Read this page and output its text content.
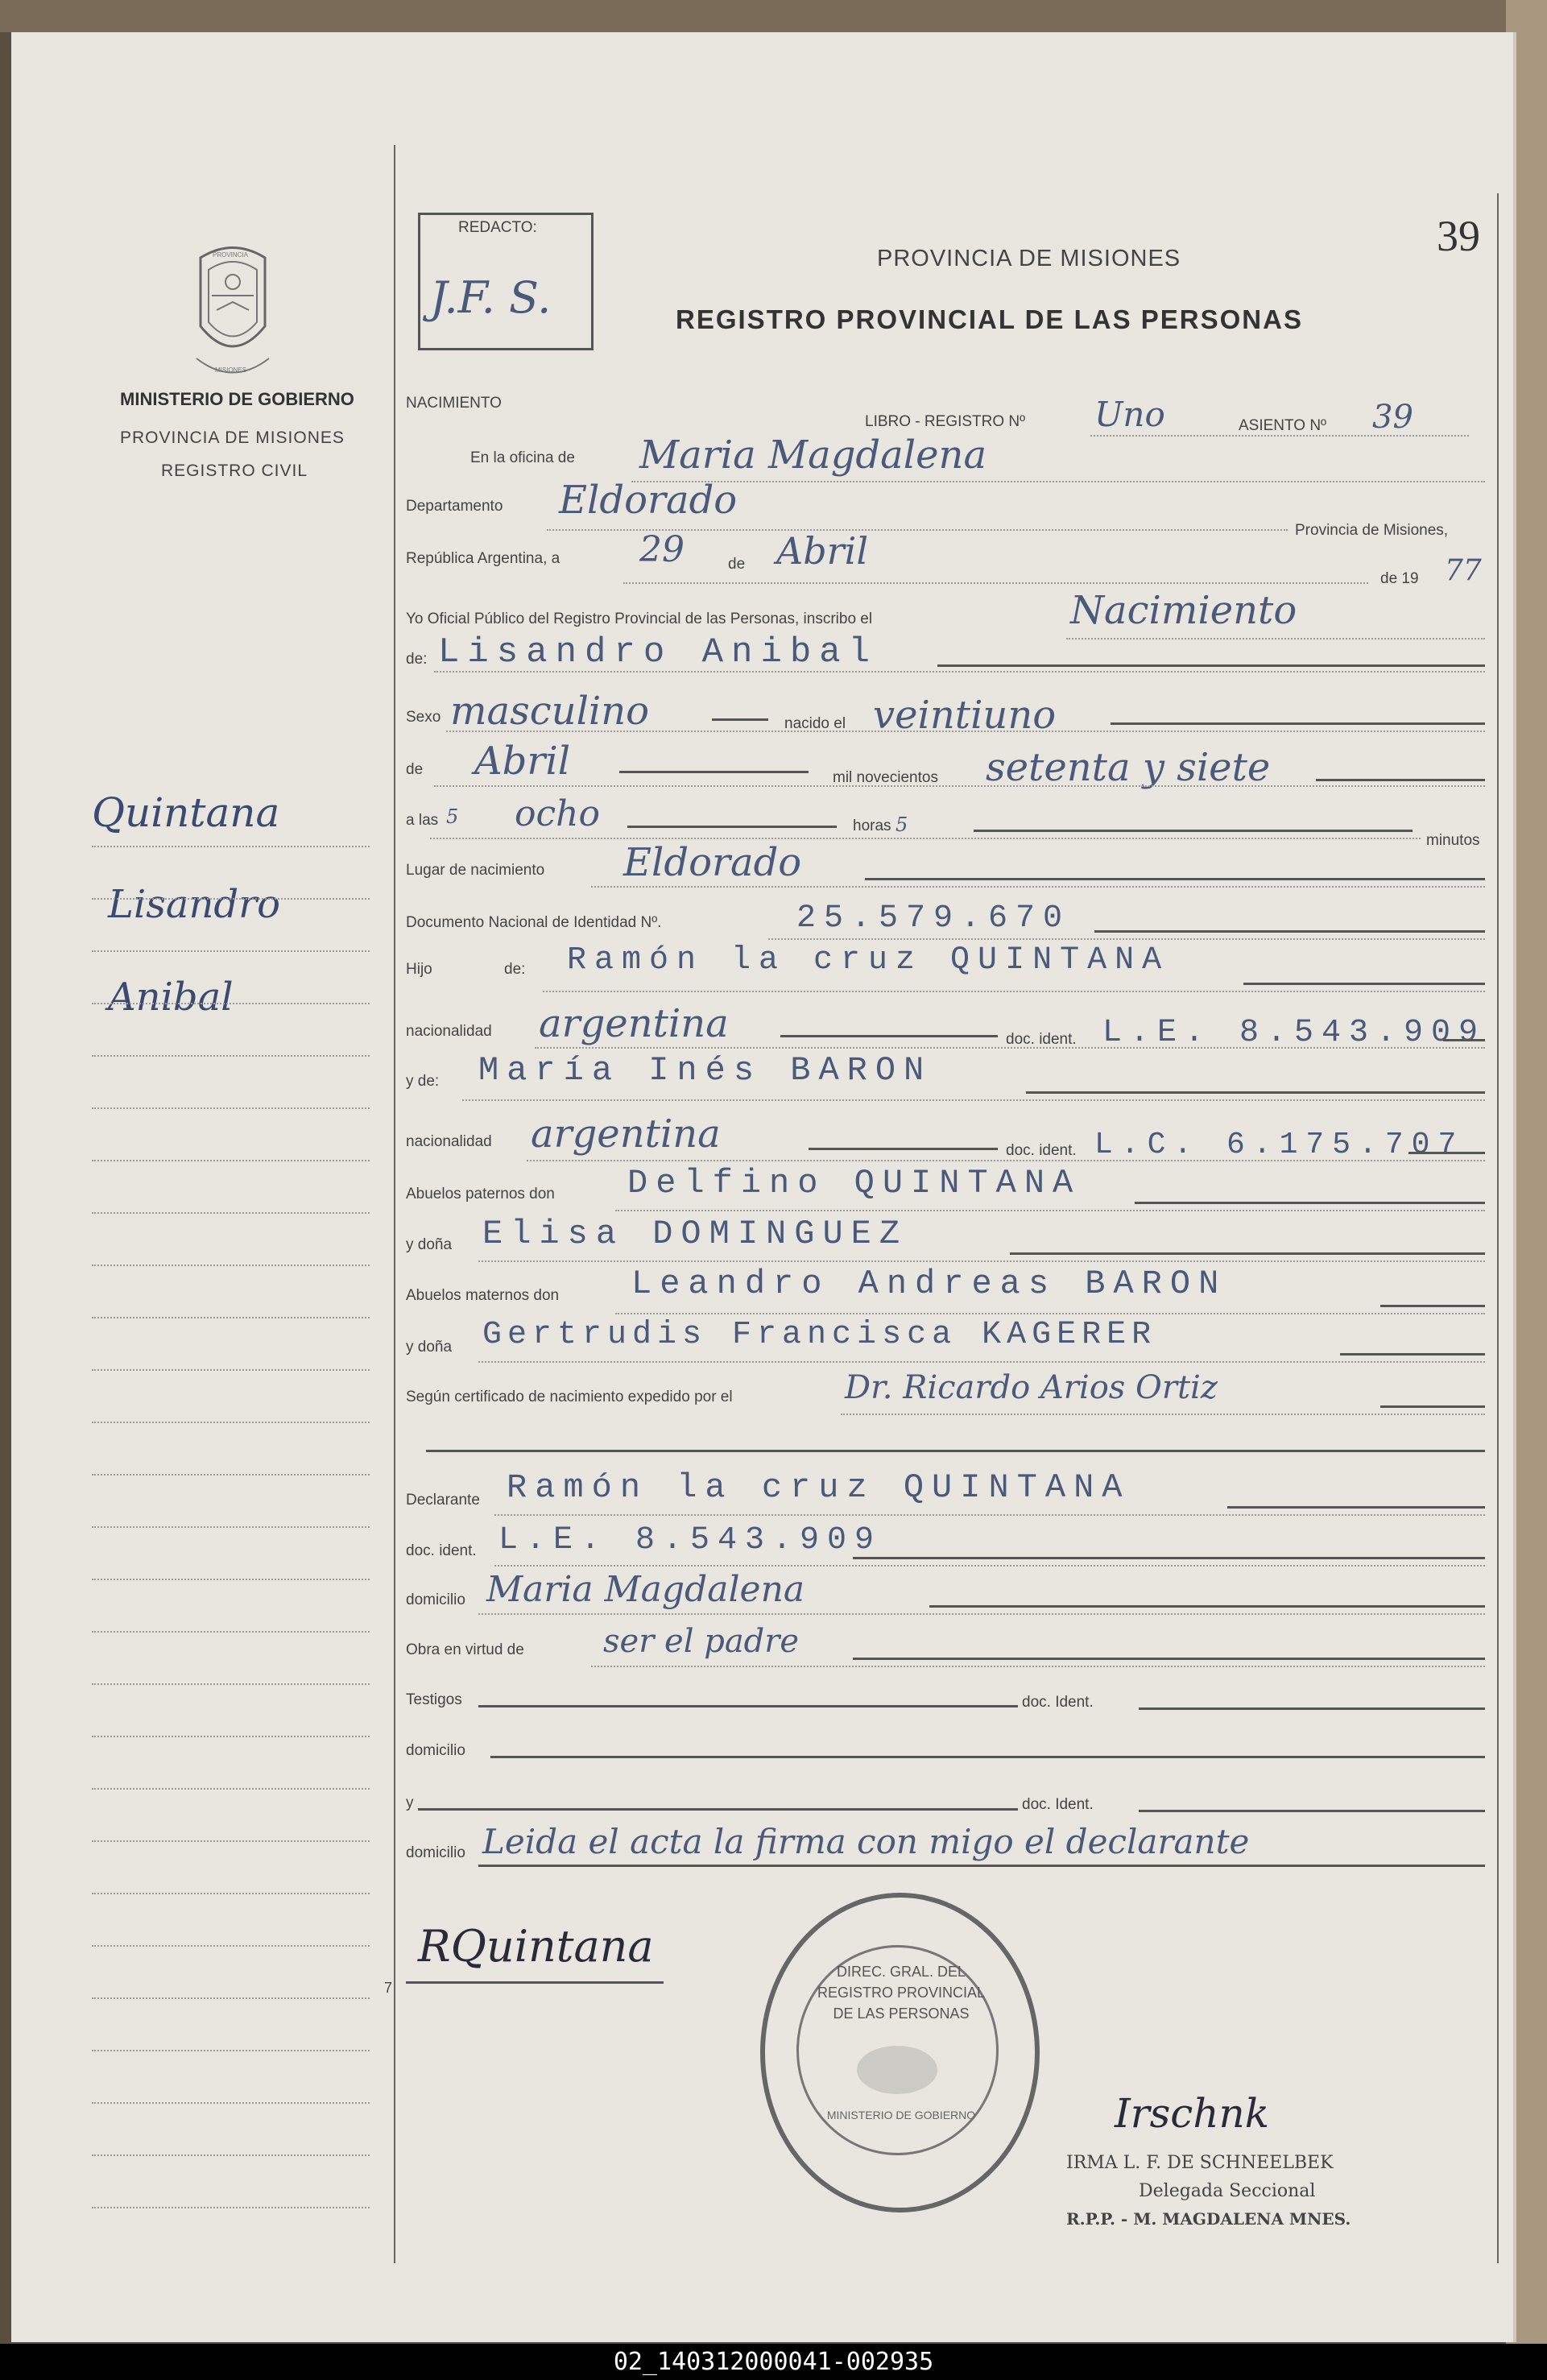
PROVINCIA
MISIONES
MINISTERIO DE GOBIERNO
PROVINCIA DE MISIONES
REGISTRO CIVIL
Quintana
Lisandro
Anibal
REDACTO:
J.F. S.
PROVINCIA DE MISIONES
REGISTRO PROVINCIAL DE LAS PERSONAS
39
NACIMIENTO
LIBRO - REGISTRO Nº Uno	ASIENTO Nº 39
En la oficina de Maria Magdalena
Departamento Eldorado
Provincia de Misiones,
República Argentina, a 29	de Abril
de 19 77
Yo Oficial Público del Registro Provincial de las Personas, inscribo el	Nacimiento
de: Lisandro Anibal
Sexo masculino	nacido el veintiuno
de Abril	mil novecientos setenta y siete
a las 5 ocho	horas 5
minutos
Lugar de nacimiento Eldorado
Documento Nacional de Identidad Nº.	25.579.670
Hijo	de: Ramón la cruz QUINTANA
nacionalidad argentina	doc. ident. L.E. 8.543.909
y de: María Inés BARON
nacionalidad argentina	doc. ident. L.C. 6.175.707
Abuelos paternos don Delfino QUINTANA
y doña Elisa DOMINGUEZ
Abuelos maternos don Leandro Andreas BARON
y doña Gertrudis Francisca KAGERER
Según certificado de nacimiento expedido por el	Dr. Ricardo Arios Ortiz
Declarante Ramón la cruz QUINTANA
doc. ident. L.E. 8.543.909
domicilio Maria Magdalena
Obra en virtud de ser el padre
Testigos	doc. Ident.
domicilio
y	doc. Ident.
domicilio Leida el acta la firma con migo el declarante
DIREC. GRAL. DEL REGISTRO PROVINCIAL DE LAS PERSONAS
MINISTERIO DE GOBIERNO
7
RQuintana
Irschnk
IRMA L. F. DE SCHNEELBEK
Delegada Seccional
R.P.P. - M. MAGDALENA MNES.
02_140312000041-002935
